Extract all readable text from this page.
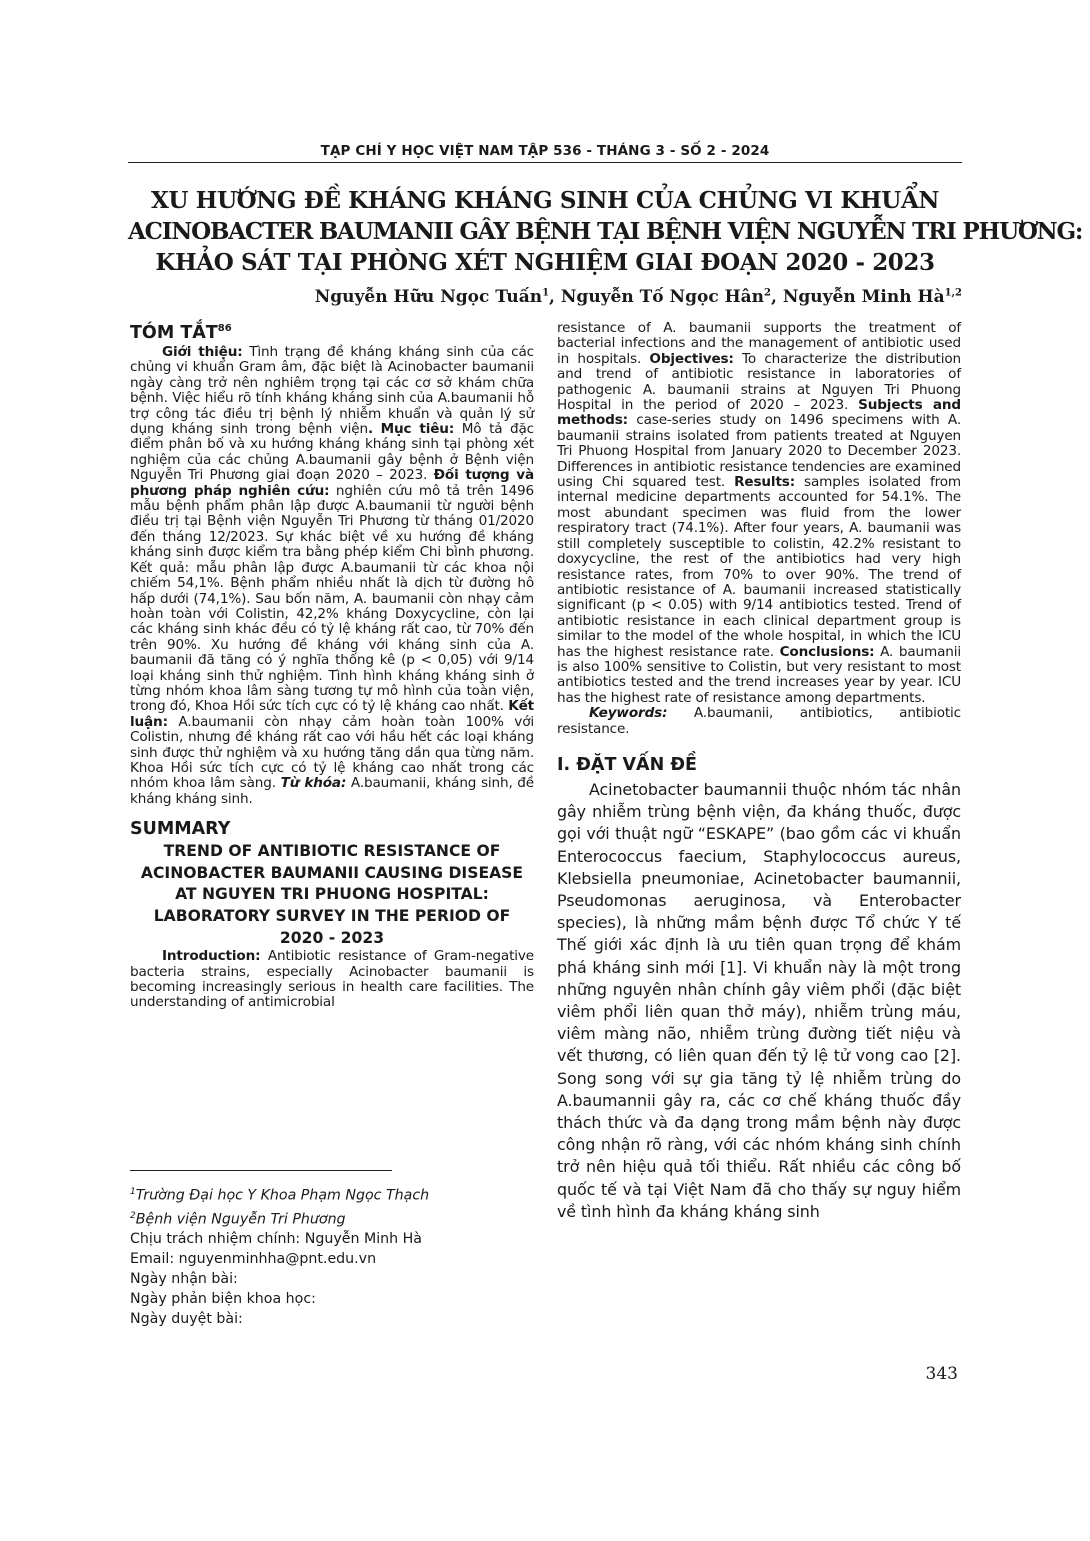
TẠP CHÍ Y HỌC VIỆT NAM TẬP 536 - THÁNG 3 - SỐ 2 - 2024
XU HƯỚNG ĐỀ KHÁNG KHÁNG SINH CỦA CHỦNG VI KHUẨN
ACINOBACTER BAUMANII GÂY BỆNH TẠI BỆNH VIỆN NGUYỄN TRI PHƯƠNG:
KHẢO SÁT TẠI PHÒNG XÉT NGHIỆM GIAI ĐOẠN 2020 - 2023
Nguyễn Hữu Ngọc Tuấn$^1$, Nguyễn Tố Ngọc Hân$^2$, Nguyễn Minh Hà$^{1,2}$
TÓM TẮT$^{86}$

Giới thiệu: Tình trạng đề kháng kháng sinh của các chủng vi khuẩn Gram âm, đặc biệt là Acinobacter baumanii ngày càng trở nên nghiêm trọng tại các cơ sở khám chữa bệnh. Việc hiểu rõ tính kháng kháng sinh của A.baumanii hỗ trợ công tác điều trị bệnh lý nhiễm khuẩn và quản lý sử dụng kháng sinh trong bệnh viện. Mục tiêu: Mô tả đặc điểm phân bố và xu hướng kháng kháng sinh tại phòng xét nghiệm của các chủng A.baumanii gây bệnh ở Bệnh viện Nguyễn Tri Phương giai đoạn 2020 – 2023. Đối tượng và phương pháp nghiên cứu: nghiên cứu mô tả trên 1496 mẫu bệnh phẩm phân lập được A.baumanii từ người bệnh điều trị tại Bệnh viện Nguyễn Tri Phương từ tháng 01/2020 đến tháng 12/2023. Sự khác biệt về xu hướng đề kháng kháng sinh được kiểm tra bằng phép kiểm Chi bình phương. Kết quả: mẫu phân lập được A.baumanii từ các khoa nội chiếm 54,1%. Bệnh phẩm nhiều nhất là dịch từ đường hô hấp dưới (74,1%). Sau bốn năm, A. baumanii còn nhạy cảm hoàn toàn với Colistin, 42,2% kháng Doxycycline, còn lại các kháng sinh khác đều có tỷ lệ kháng rất cao, từ 70% đến trên 90%. Xu hướng đề kháng với kháng sinh của A. baumanii đã tăng có ý nghĩa thống kê (p < 0,05) với 9/14 loại kháng sinh thử nghiệm. Tình hình kháng kháng sinh ở từng nhóm khoa lâm sàng tương tự mô hình của toàn viện, trong đó, Khoa Hồi sức tích cực có tỷ lệ kháng cao nhất. Kết luận: A.baumanii còn nhạy cảm hoàn toàn 100% với Colistin, nhưng đề kháng rất cao với hầu hết các loại kháng sinh được thử nghiệm và xu hướng tăng dần qua từng năm. Khoa Hồi sức tích cực có tỷ lệ kháng cao nhất trong các nhóm khoa lâm sàng. Từ khóa: A.baumanii, kháng sinh, đề kháng kháng sinh.

SUMMARY

TREND OF ANTIBIOTIC RESISTANCE OF ACINOBACTER BAUMANII CAUSING DISEASE AT NGUYEN TRI PHUONG HOSPITAL: LABORATORY SURVEY IN THE PERIOD OF 2020 - 2023

Introduction: Antibiotic resistance of Gram-negative bacteria strains, especially Acinobacter baumanii is becoming increasingly serious in health care facilities. The understanding of antimicrobial

resistance of A. baumanii supports the treatment of bacterial infections and the management of antibiotic used in hospitals. Objectives: To characterize the distribution and trend of antibiotic resistance in laboratories of pathogenic A. baumanii strains at Nguyen Tri Phuong Hospital in the period of 2020 – 2023. Subjects and methods: case-series study on 1496 specimens with A. baumanii strains isolated from patients treated at Nguyen Tri Phuong Hospital from January 2020 to December 2023. Differences in antibiotic resistance tendencies are examined using Chi squared test. Results: samples isolated from internal medicine departments accounted for 54.1%. The most abundant specimen was fluid from the lower respiratory tract (74.1%). After four years, A. baumanii was still completely susceptible to colistin, 42.2% resistant to doxycycline, the rest of the antibiotics had very high resistance rates, from 70% to over 90%. The trend of antibiotic resistance of A. baumanii increased statistically significant (p < 0.05) with 9/14 antibiotics tested. Trend of antibiotic resistance in each clinical department group is similar to the model of the whole hospital, in which the ICU has the highest resistance rate. Conclusions: A. baumanii is also 100% sensitive to Colistin, but very resistant to most antibiotics tested and the trend increases year by year. ICU has the highest rate of resistance among departments.

Keywords: A.baumanii, antibiotics, antibiotic resistance.

I. ĐẶT VẤN ĐỀ

Acinetobacter baumannii thuộc nhóm tác nhân gây nhiễm trùng bệnh viện, đa kháng thuốc, được gọi với thuật ngữ “ESKAPE” (bao gồm các vi khuẩn Enterococcus faecium, Staphylococcus aureus, Klebsiella pneumoniae, Acinetobacter baumannii, Pseudomonas aeruginosa, và Enterobacter species), là những mầm bệnh được Tổ chức Y tế Thế giới xác định là ưu tiên quan trọng để khám phá kháng sinh mới [1]. Vi khuẩn này là một trong những nguyên nhân chính gây viêm phổi (đặc biệt viêm phổi liên quan thở máy), nhiễm trùng máu, viêm màng não, nhiễm trùng đường tiết niệu và vết thương, có liên quan đến tỷ lệ tử vong cao [2]. Song song với sự gia tăng tỷ lệ nhiễm trùng do A.baumannii gây ra, các cơ chế kháng thuốc đầy thách thức và đa dạng trong mầm bệnh này được công nhận rõ ràng, với các nhóm kháng sinh chính trở nên hiệu quả tối thiểu. Rất nhiều các công bố quốc tế và tại Việt Nam đã cho thấy sự nguy hiểm về tình hình đa kháng kháng sinh

$^1$Trường Đại học Y Khoa Phạm Ngọc Thạch
$^2$Bệnh viện Nguyễn Tri Phương
Chịu trách nhiệm chính: Nguyễn Minh Hà
Email: nguyenminhha@pnt.edu.vn
Ngày nhận bài:
Ngày phản biện khoa học:
Ngày duyệt bài:
343
